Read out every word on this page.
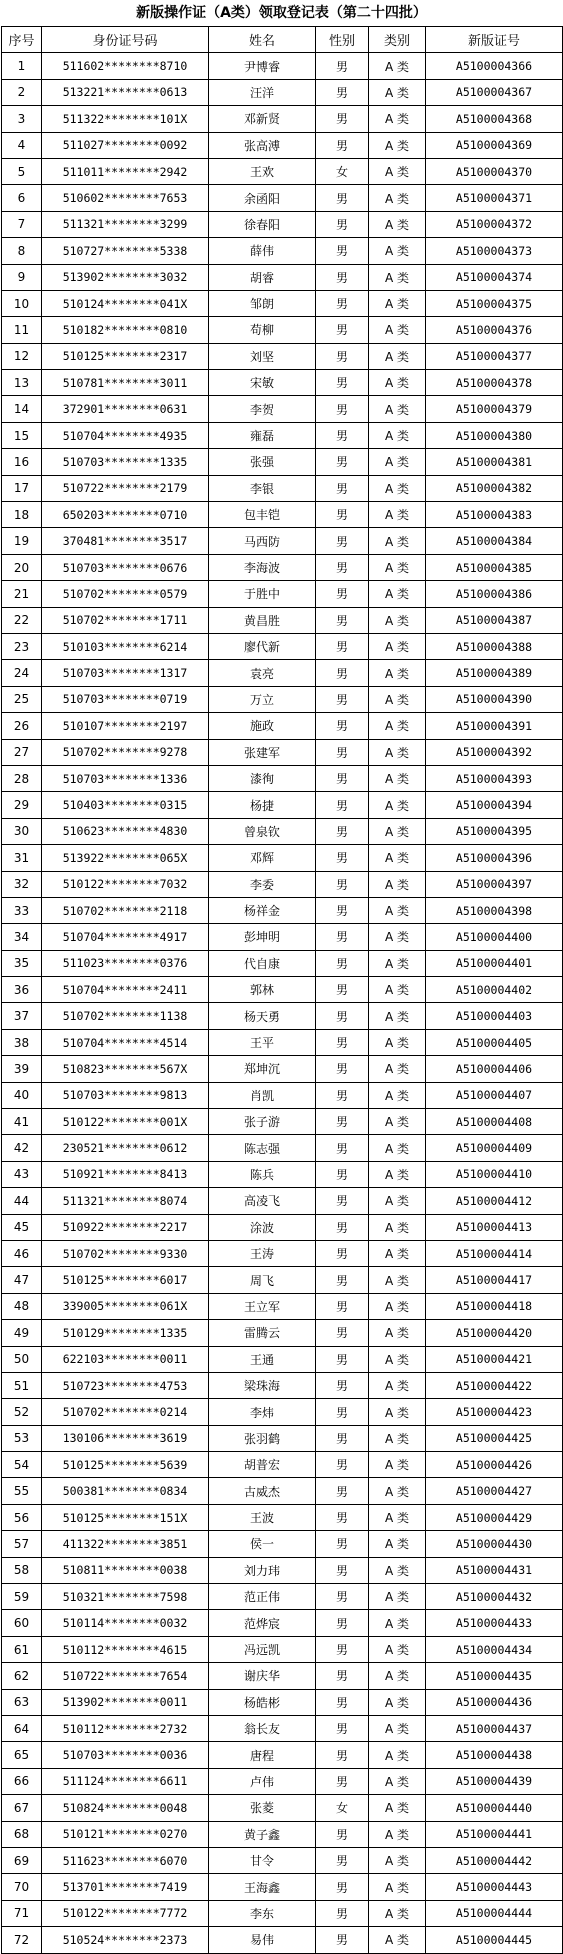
新版操作证（A类）领取登记表（第二十四批）
序号	身份证号码	姓名	性别	类别	新版证号
1	511602********8710	尹博睿	男	A 类	A5100004366
2	513221********0613	汪洋	男	A 类	A5100004367
3	511322********101X	邓新贤	男	A 类	A5100004368
4	511027********0092	张高溥	男	A 类	A5100004369
5	511011********2942	王欢	女	A 类	A5100004370
6	510602********7653	余函阳	男	A 类	A5100004371
7	511321********3299	徐春阳	男	A 类	A5100004372
8	510727********5338	薛伟	男	A 类	A5100004373
9	513902********3032	胡睿	男	A 类	A5100004374
10	510124********041X	邹朗	男	A 类	A5100004375
11	510182********0810	苟柳	男	A 类	A5100004376
12	510125********2317	刘坚	男	A 类	A5100004377
13	510781********3011	宋敏	男	A 类	A5100004378
14	372901********0631	李贺	男	A 类	A5100004379
15	510704********4935	雍磊	男	A 类	A5100004380
16	510703********1335	张强	男	A 类	A5100004381
17	510722********2179	李银	男	A 类	A5100004382
18	650203********0710	包丰铠	男	A 类	A5100004383
19	370481********3517	马西防	男	A 类	A5100004384
20	510703********0676	李海波	男	A 类	A5100004385
21	510702********0579	于胜中	男	A 类	A5100004386
22	510702********1711	黄昌胜	男	A 类	A5100004387
23	510103********6214	廖代新	男	A 类	A5100004388
24	510703********1317	袁亮	男	A 类	A5100004389
25	510703********0719	万立	男	A 类	A5100004390
26	510107********2197	施政	男	A 类	A5100004391
27	510702********9278	张建军	男	A 类	A5100004392
28	510703********1336	漆徇	男	A 类	A5100004393
29	510403********0315	杨捷	男	A 类	A5100004394
30	510623********4830	曾泉钦	男	A 类	A5100004395
31	513922********065X	邓辉	男	A 类	A5100004396
32	510122********7032	李委	男	A 类	A5100004397
33	510702********2118	杨祥金	男	A 类	A5100004398
34	510704********4917	彭坤明	男	A 类	A5100004400
35	511023********0376	代自康	男	A 类	A5100004401
36	510704********2411	郭林	男	A 类	A5100004402
37	510702********1138	杨天勇	男	A 类	A5100004403
38	510704********4514	王平	男	A 类	A5100004405
39	510823********567X	郑坤沉	男	A 类	A5100004406
40	510703********9813	肖凯	男	A 类	A5100004407
41	510122********001X	张子游	男	A 类	A5100004408
42	230521********0612	陈志强	男	A 类	A5100004409
43	510921********8413	陈兵	男	A 类	A5100004410
44	511321********8074	高凌飞	男	A 类	A5100004412
45	510922********2217	涂波	男	A 类	A5100004413
46	510702********9330	王涛	男	A 类	A5100004414
47	510125********6017	周飞	男	A 类	A5100004417
48	339005********061X	王立军	男	A 类	A5100004418
49	510129********1335	雷腾云	男	A 类	A5100004420
50	622103********0011	王通	男	A 类	A5100004421
51	510723********4753	梁珠海	男	A 类	A5100004422
52	510702********0214	李炜	男	A 类	A5100004423
53	130106********3619	张羽鹤	男	A 类	A5100004425
54	510125********5639	胡普宏	男	A 类	A5100004426
55	500381********0834	古威杰	男	A 类	A5100004427
56	510125********151X	王波	男	A 类	A5100004429
57	411322********3851	侯一	男	A 类	A5100004430
58	510811********0038	刘力玮	男	A 类	A5100004431
59	510321********7598	范正伟	男	A 类	A5100004432
60	510114********0032	范烨宸	男	A 类	A5100004433
61	510112********4615	冯远凯	男	A 类	A5100004434
62	510722********7654	谢庆华	男	A 类	A5100004435
63	513902********0011	杨皓彬	男	A 类	A5100004436
64	510112********2732	翁长友	男	A 类	A5100004437
65	510703********0036	唐程	男	A 类	A5100004438
66	511124********6611	卢伟	男	A 类	A5100004439
67	510824********0048	张菱	女	A 类	A5100004440
68	510121********0270	黄子鑫	男	A 类	A5100004441
69	511623********6070	甘令	男	A 类	A5100004442
70	513701********7419	王海鑫	男	A 类	A5100004443
71	510122********7772	李东	男	A 类	A5100004444
72	510524********2373	易伟	男	A 类	A5100004445
